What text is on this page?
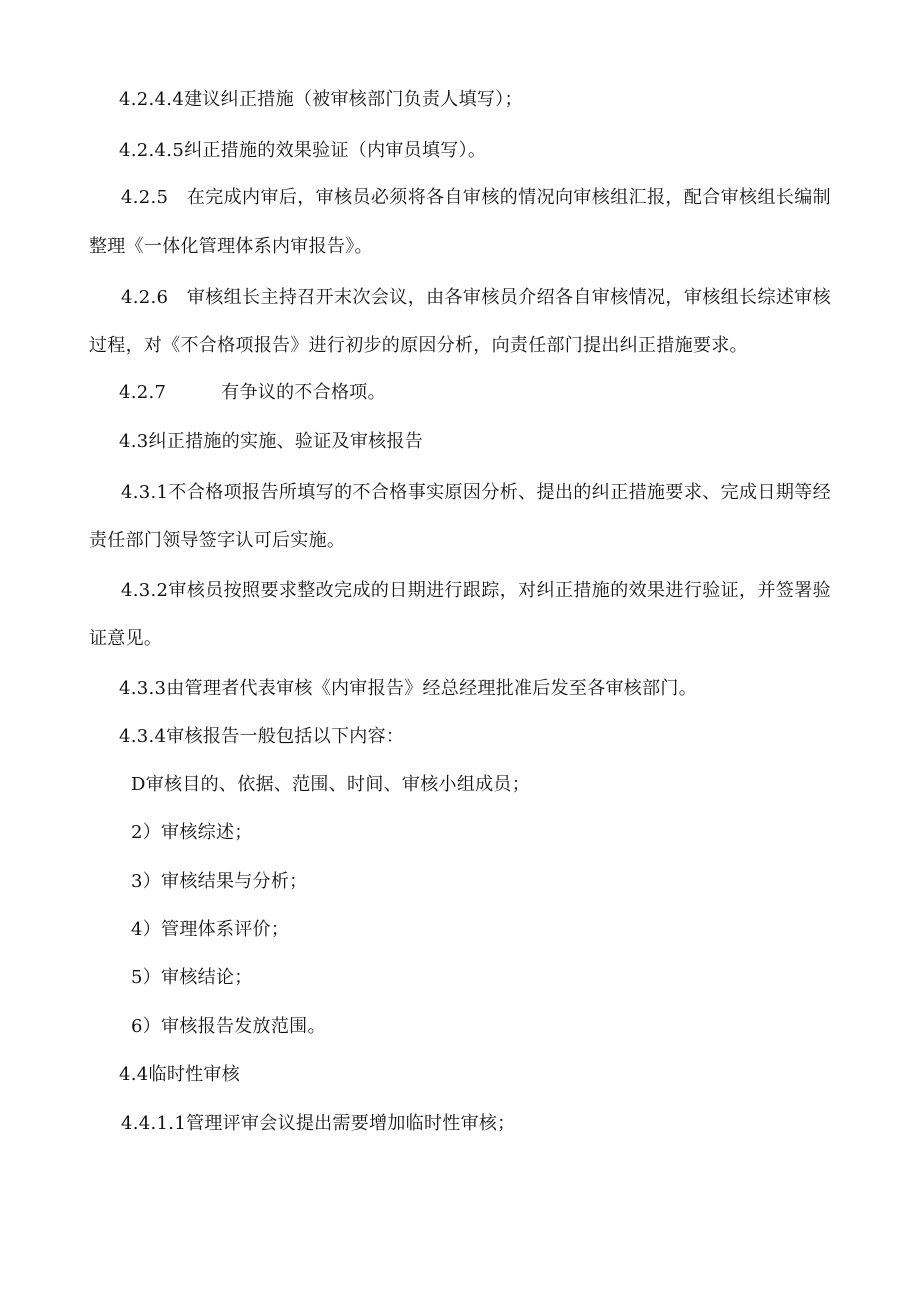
4.2.4.4建议纠正措施（被审核部门负责人填写）；
4.2.4.5纠正措施的效果验证（内审员填写）。
4.2.5　在完成内审后，审核员必须将各自审核的情况向审核组汇报，配合审核组长编制
整理《一体化管理体系内审报告》。
4.2.6　审核组长主持召开末次会议，由各审核员介绍各自审核情况，审核组长综述审核
过程，对《不合格项报告》进行初步的原因分析，向责任部门提出纠正措施要求。
4.2.7　　　有争议的不合格项。
4.3纠正措施的实施、验证及审核报告
4.3.1不合格项报告所填写的不合格事实原因分析、提出的纠正措施要求、完成日期等经
责任部门领导签字认可后实施。
4.3.2审核员按照要求整改完成的日期进行跟踪，对纠正措施的效果进行验证，并签署验
证意见。
4.3.3由管理者代表审核《内审报告》经总经理批准后发至各审核部门。
4.3.4审核报告一般包括以下内容：
D审核目的、依据、范围、时间、审核小组成员；
2）审核综述；
3）审核结果与分析；
4）管理体系评价；
5）审核结论；
6）审核报告发放范围。
4.4临时性审核
4.4.1.1管理评审会议提出需要增加临时性审核；
